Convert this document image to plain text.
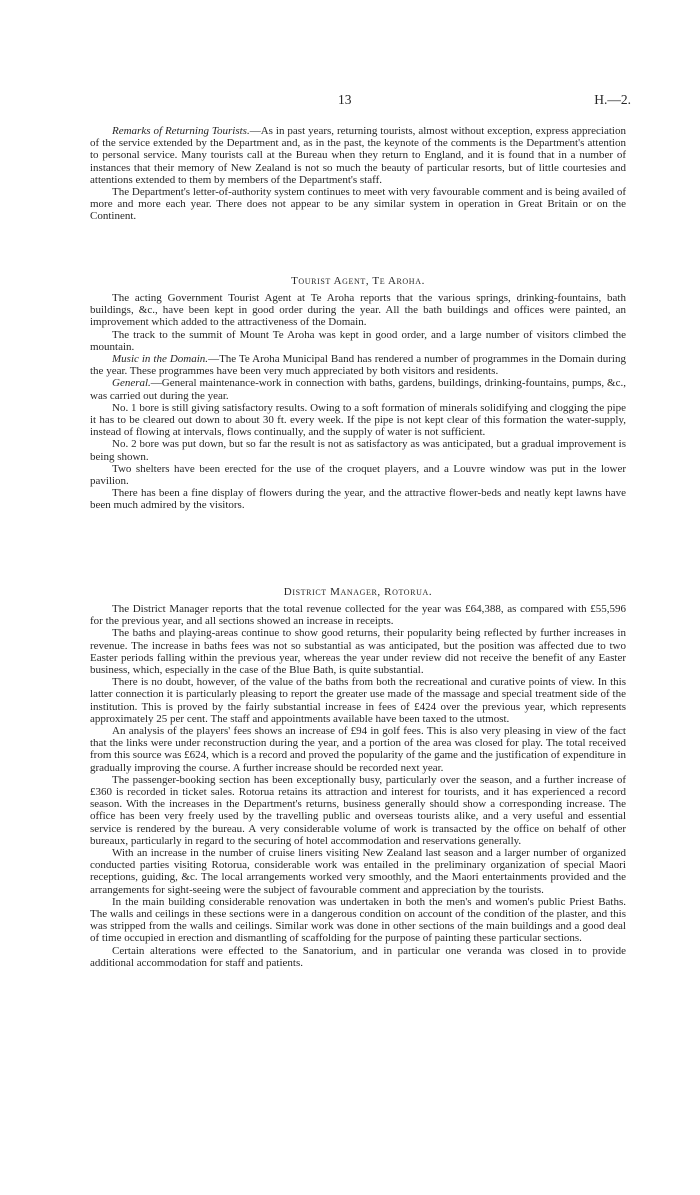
13	H.—2.

Remarks of Returning Tourists.—As in past years, returning tourists, almost without exception, express appreciation of the service extended by the Department and, as in the past, the keynote of the comments is the Department's attention to personal service. Many tourists call at the Bureau when they return to England, and it is found that in a number of instances that their memory of New Zealand is not so much the beauty of particular resorts, but of little courtesies and attentions extended to them by members of the Department's staff.

The Department's letter-of-authority system continues to meet with very favourable comment and is being availed of more and more each year. There does not appear to be any similar system in operation in Great Britain or on the Continent.

Tourist Agent, Te Aroha.

The acting Government Tourist Agent at Te Aroha reports that the various springs, drinking-fountains, bath buildings, &c., have been kept in good order during the year. All the bath buildings and offices were painted, an improvement which added to the attractiveness of the Domain.

The track to the summit of Mount Te Aroha was kept in good order, and a large number of visitors climbed the mountain.

Music in the Domain.—The Te Aroha Municipal Band has rendered a number of programmes in the Domain during the year. These programmes have been very much appreciated by both visitors and residents.

General.—General maintenance-work in connection with baths, gardens, buildings, drinking-fountains, pumps, &c., was carried out during the year.

No. 1 bore is still giving satisfactory results. Owing to a soft formation of minerals solidifying and clogging the pipe it has to be cleared out down to about 30 ft. every week. If the pipe is not kept clear of this formation the water-supply, instead of flowing at intervals, flows continually, and the supply of water is not sufficient.

No. 2 bore was put down, but so far the result is not as satisfactory as was anticipated, but a gradual improvement is being shown.

Two shelters have been erected for the use of the croquet players, and a Louvre window was put in the lower pavilion.

There has been a fine display of flowers during the year, and the attractive flower-beds and neatly kept lawns have been much admired by the visitors.

District Manager, Rotorua.

The District Manager reports that the total revenue collected for the year was £64,388, as compared with £55,596 for the previous year, and all sections showed an increase in receipts.

The baths and playing-areas continue to show good returns, their popularity being reflected by further increases in revenue. The increase in baths fees was not so substantial as was anticipated, but the position was affected due to two Easter periods falling within the previous year, whereas the year under review did not receive the benefit of any Easter business, which, especially in the case of the Blue Bath, is quite substantial.

There is no doubt, however, of the value of the baths from both the recreational and curative points of view. In this latter connection it is particularly pleasing to report the greater use made of the massage and special treatment side of the institution. This is proved by the fairly substantial increase in fees of £424 over the previous year, which represents approximately 25 per cent. The staff and appointments available have been taxed to the utmost.

An analysis of the players' fees shows an increase of £94 in golf fees. This is also very pleasing in view of the fact that the links were under reconstruction during the year, and a portion of the area was closed for play. The total received from this source was £624, which is a record and proved the popularity of the game and the justification of expenditure in gradually improving the course. A further increase should be recorded next year.

The passenger-booking section has been exceptionally busy, particularly over the season, and a further increase of £360 is recorded in ticket sales. Rotorua retains its attraction and interest for tourists, and it has experienced a record season. With the increases in the Department's returns, business generally should show a corresponding increase. The office has been very freely used by the travelling public and overseas tourists alike, and a very useful and essential service is rendered by the bureau. A very considerable volume of work is transacted by the office on behalf of other bureaux, particularly in regard to the securing of hotel accommodation and reservations generally.

With an increase in the number of cruise liners visiting New Zealand last season and a larger number of organized conducted parties visiting Rotorua, considerable work was entailed in the preliminary organization of special Maori receptions, guiding, &c. The local arrangements worked very smoothly, and the Maori entertainments provided and the arrangements for sight-seeing were the subject of favourable comment and appreciation by the tourists.

In the main building considerable renovation was undertaken in both the men's and women's public Priest Baths. The walls and ceilings in these sections were in a dangerous condition on account of the condition of the plaster, and this was stripped from the walls and ceilings. Similar work was done in other sections of the main buildings and a good deal of time occupied in erection and dismantling of scaffolding for the purpose of painting these particular sections.

Certain alterations were effected to the Sanatorium, and in particular one veranda was closed in to provide additional accommodation for staff and patients.
